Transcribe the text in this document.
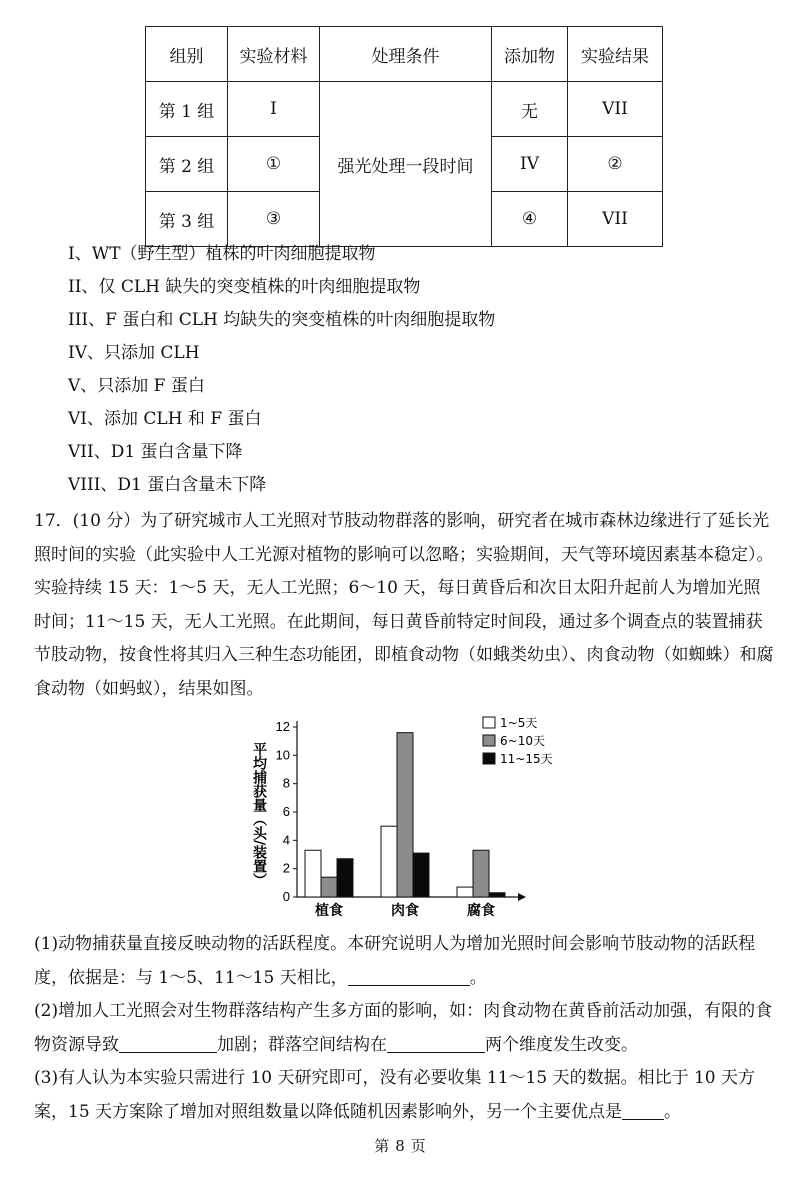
组别	实验材料	处理条件	添加物	实验结果
第 1 组	I	强光处理一段时间	无	VII
第 2 组	①		IV	②
第 3 组	③		④	VII
I、WT（野生型）植株的叶肉细胞提取物
II、仅 CLH 缺失的突变植株的叶肉细胞提取物
III、F 蛋白和 CLH 均缺失的突变植株的叶肉细胞提取物
IV、只添加 CLH
V、只添加 F 蛋白
VI、添加 CLH 和 F 蛋白
VII、D1 蛋白含量下降
VIII、D1 蛋白含量未下降
17．(10 分）为了研究城市人工光照对节肢动物群落的影响，研究者在城市森林边缘进行了延长光照时间的实验（此实验中人工光源对植物的影响可以忽略；实验期间，天气等环境因素基本稳定）。实验持续 15 天：1～5 天，无人工光照；6～10 天，每日黄昏后和次日太阳升起前人为增加光照时间；11～15 天，无人工光照。在此期间，每日黄昏前特定时间段，通过多个调查点的装置捕获节肢动物，按食性将其归入三种生态功能团，即植食动物（如蛾类幼虫）、肉食动物（如蜘蛛）和腐食动物（如蚂蚁），结果如图。
0
2
4
6
8
10
12
平均捕获量（头/装置）
植食	肉食	腐食
1~5天
6~10天
11~15天
(1)动物捕获量直接反映动物的活跃程度。本研究说明人为增加光照时间会影响节肢动物的活跃程度，依据是：与 1～5、11～15 天相比，	。
(2)增加人工光照会对生物群落结构产生多方面的影响，如：肉食动物在黄昏前活动加强，有限的食物资源导致	加剧；群落空间结构在	两个维度发生改变。
(3)有人认为本实验只需进行 10 天研究即可，没有必要收集 11～15 天的数据。相比于 10 天方案，15 天方案除了增加对照组数量以降低随机因素影响外，另一个主要优点是 。
第 8 页
